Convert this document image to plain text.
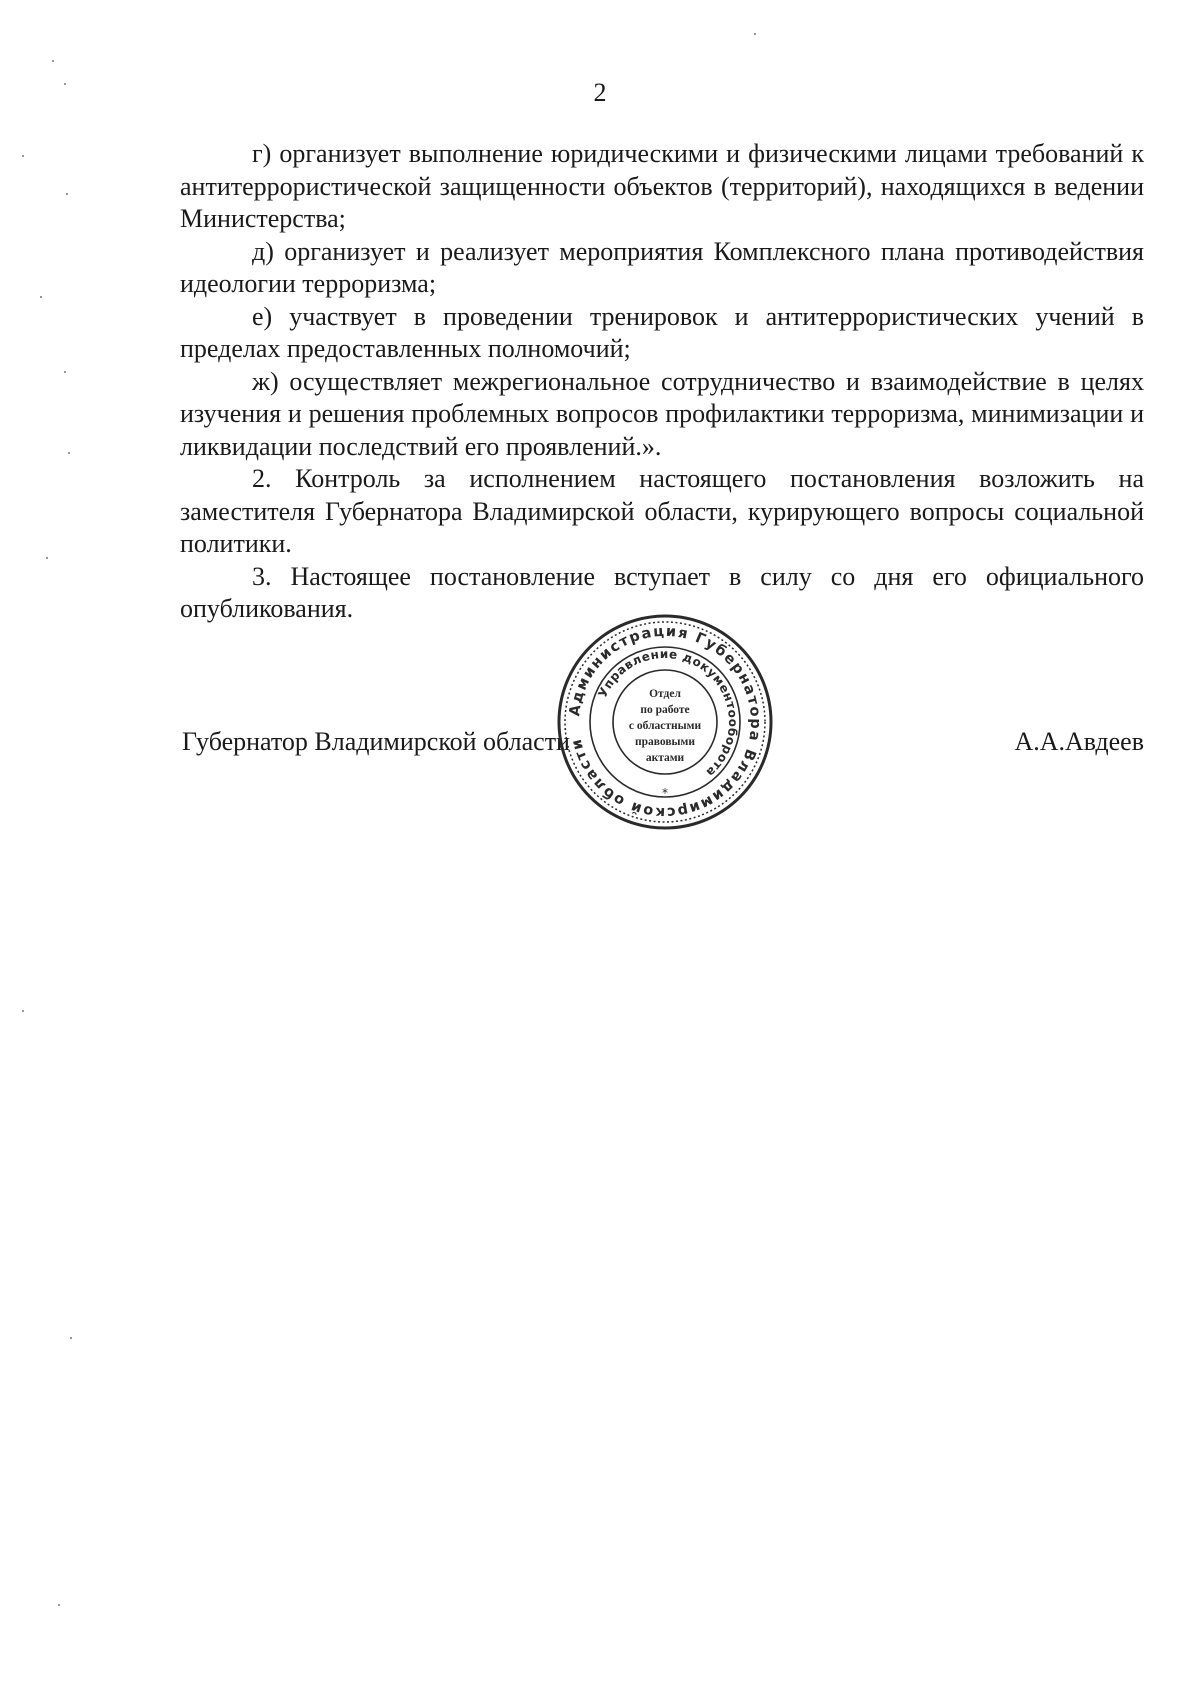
2

г) организует выполнение юридическими и физическими лицами требований к антитеррористической защищенности объектов (территорий), находящихся в ведении Министерства;

д) организует и реализует мероприятия Комплексного плана противодействия идеологии терроризма;

е) участвует в проведении тренировок и антитеррористических учений в пределах предоставленных полномочий;

ж) осуществляет межрегиональное сотрудничество и взаимодействие в целях изучения и решения проблемных вопросов профилактики терроризма, минимизации и ликвидации последствий его проявлений.».

2. Контроль за исполнением настоящего постановления возложить на заместителя Губернатора Владимирской области, курирующего вопросы социальной политики.

3. Настоящее постановление вступает в силу со дня его официального опубликования.

Губернатор Владимирской области	А.А.Авдеев
Администрация Губернатора Владимирской области
Управление документооборота
*
Отдел
по работе
с областными
правовыми
актами
